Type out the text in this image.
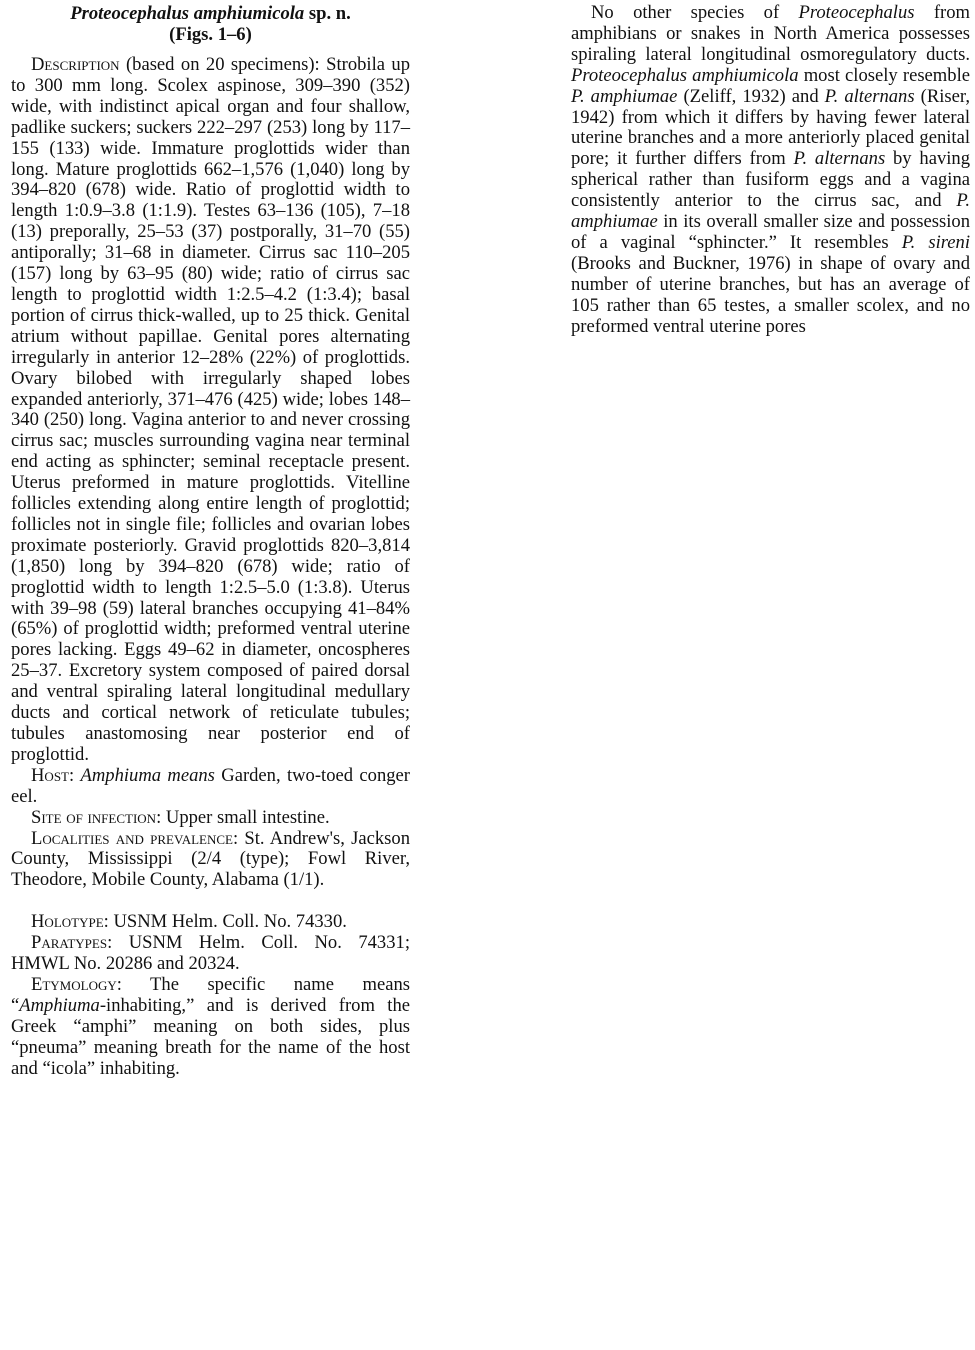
Proteocephalus amphiumicola sp. n.
(Figs. 1–6)

Description (based on 20 specimens): Strobila up to 300 mm long. Scolex aspinose, 309–390 (352) wide, with indistinct apical organ and four shallow, padlike suckers; suckers 222–297 (253) long by 117–155 (133) wide. Immature proglottids wider than long. Mature proglottids 662–1,576 (1,040) long by 394–820 (678) wide. Ratio of proglottid width to length 1:0.9–3.8 (1:1.9). Testes 63–136 (105), 7–18 (13) preporally, 25–53 (37) postporally, 31–70 (55) antiporally; 31–68 in diameter. Cirrus sac 110–205 (157) long by 63–95 (80) wide; ratio of cirrus sac length to proglottid width 1:2.5–4.2 (1:3.4); basal portion of cirrus thick-walled, up to 25 thick. Genital atrium without papillae. Genital pores alternating irregularly in anterior 12–28% (22%) of proglottids. Ovary bilobed with irregularly shaped lobes expanded anteriorly, 371–476 (425) wide; lobes 148–340 (250) long. Vagina anterior to and never crossing cirrus sac; muscles surrounding vagina near terminal end acting as sphincter; seminal receptacle present. Uterus preformed in mature proglottids. Vitelline follicles extending along entire length of proglottid; follicles not in single file; follicles and ovarian lobes proximate posteriorly. Gravid proglottids 820–3,814 (1,850) long by 394–820 (678) wide; ratio of proglottid width to length 1:2.5–5.0 (1:3.8). Uterus with 39–98 (59) lateral branches occupying 41–84% (65%) of proglottid width; preformed ventral uterine pores lacking. Eggs 49–62 in diameter, oncospheres 25–37. Excretory system composed of paired dorsal and ventral spiraling lateral longitudinal medullary ducts and cortical network of reticulate tubules; tubules anastomosing near posterior end of proglottid.

Host: Amphiuma means Garden, two-toed conger eel.

Site of infection: Upper small intestine.

Localities and prevalence: St. Andrew's, Jackson County, Mississippi (2/4 (type); Fowl River, Theodore, Mobile County, Alabama (1/1).

Holotype: USNM Helm. Coll. No. 74330.

Paratypes: USNM Helm. Coll. No. 74331; HMWL No. 20286 and 20324.

Etymology: The specific name means “Amphiuma-inhabiting,” and is derived from the Greek “amphi” meaning on both sides, plus “pneuma” meaning breath for the name of the host and “icola” inhabiting.

No other species of Proteocephalus from amphibians or snakes in North America possesses spiraling lateral longitudinal osmoregulatory ducts. Proteocephalus amphiumicola most closely resemble P. amphiumae (Zeliff, 1932) and P. alternans (Riser, 1942) from which it differs by having fewer lateral uterine branches and a more anteriorly placed genital pore; it further differs from P. alternans by having spherical rather than fusiform eggs and a vagina consistently anterior to the cirrus sac, and P. amphiumae in its overall smaller size and possession of a vaginal “sphincter.” It resembles P. sireni (Brooks and Buckner, 1976) in shape of ovary and number of uterine branches, but has an average of 105 rather than 65 testes, a smaller scolex, and no preformed ventral uterine pores
